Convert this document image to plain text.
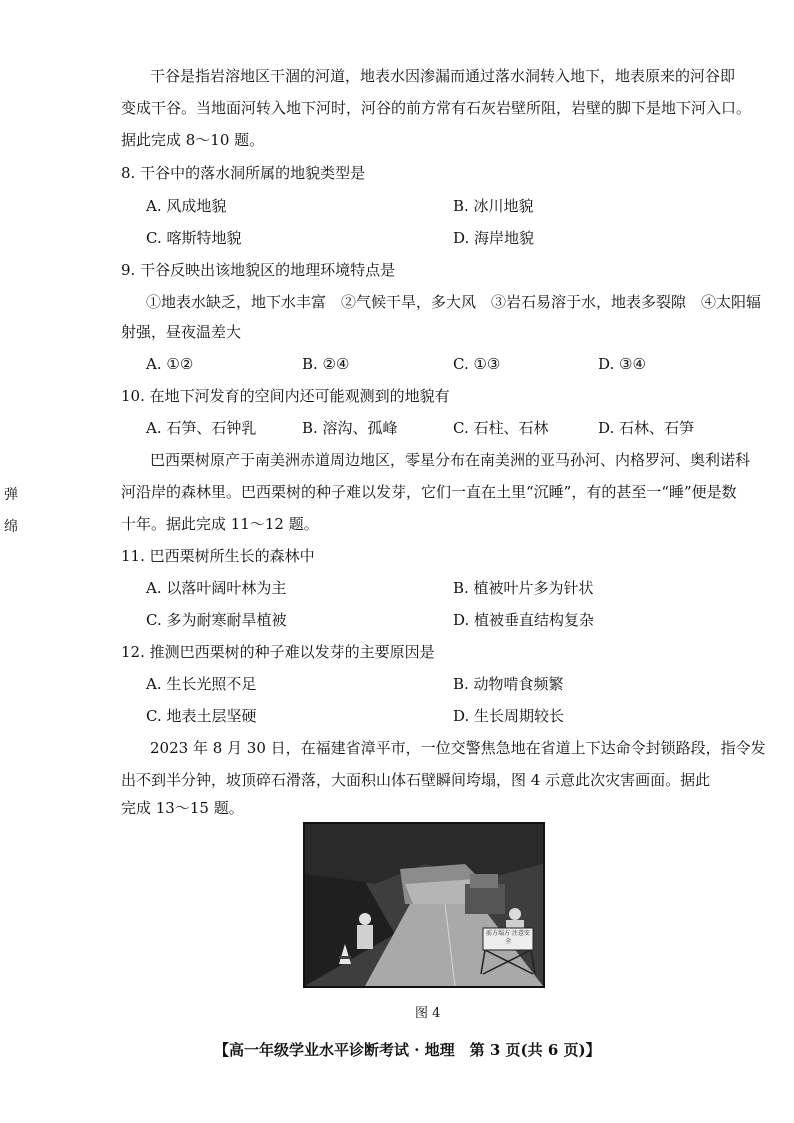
弹
绵
干谷是指岩溶地区干涸的河道，地表水因渗漏而通过落水洞转入地下，地表原来的河谷即
变成干谷。当地面河转入地下河时，河谷的前方常有石灰岩壁所阻，岩壁的脚下是地下河入口。
据此完成 8～10 题。
8. 干谷中的落水洞所属的地貌类型是
A. 风成地貌	B. 冰川地貌
C. 喀斯特地貌	D. 海岸地貌
9. 干谷反映出该地貌区的地理环境特点是
①地表水缺乏，地下水丰富　②气候干旱，多大风　③岩石易溶于水，地表多裂隙　④太阳辐
射强，昼夜温差大
A. ①②	B. ②④	C. ①③	D. ③④
10. 在地下河发育的空间内还可能观测到的地貌有
A. 石笋、石钟乳	B. 溶沟、孤峰	C. 石柱、石林	D. 石林、石笋
巴西栗树原产于南美洲赤道周边地区，零星分布在南美洲的亚马孙河、内格罗河、奥利诺科
河沿岸的森林里。巴西栗树的种子难以发芽，它们一直在土里“沉睡”，有的甚至一“睡”便是数
十年。据此完成 11～12 题。
11. 巴西栗树所生长的森林中
A. 以落叶阔叶林为主	B. 植被叶片多为针状
C. 多为耐寒耐旱植被	D. 植被垂直结构复杂
12. 推测巴西栗树的种子难以发芽的主要原因是
A. 生长光照不足	B. 动物啃食频繁
C. 地表土层坚硬	D. 生长周期较长
2023 年 8 月 30 日，在福建省漳平市，一位交警焦急地在省道上下达命令封锁路段，指令发
出不到半分钟，坡顶碎石滑落，大面积山体石壁瞬间垮塌，图 4 示意此次灾害画面。据此
完成 13～15 题。
前方塌方 注意安全
图 4
【高一年级学业水平诊断考试 · 地理　第 3 页(共 6 页)】
